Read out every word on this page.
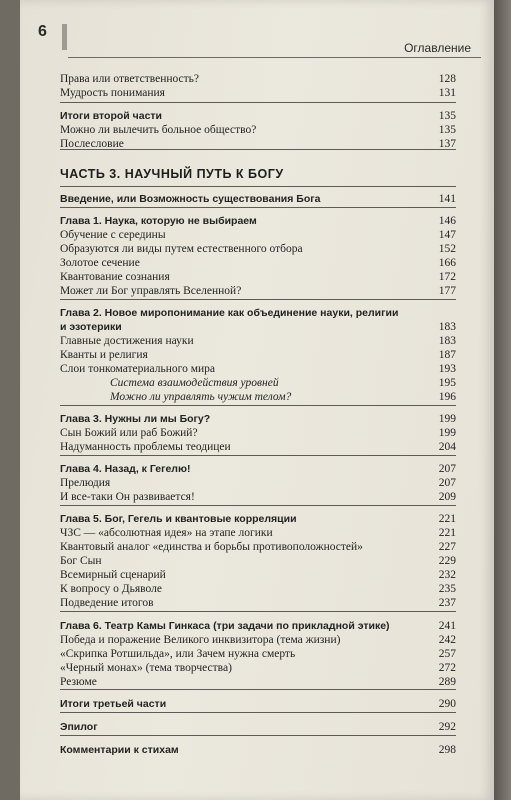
6
Оглавление
Права или ответственность?	128
Мудрость понимания	131
Итоги второй части	135
Можно ли вылечить больное общество?	135
Послесловие	137
ЧАСТЬ 3. НАУЧНЫЙ ПУТЬ К БОГУ
Введение, или Возможность существования Бога	141
Глава 1. Наука, которую не выбираем	146
Обучение с середины	147
Образуются ли виды путем естественного отбора	152
Золотое сечение	166
Квантование сознания	172
Может ли Бог управлять Вселенной?	177
Глава 2. Новое миропонимание как объединение науки, религии
и эзотерики	183
Главные достижения науки	183
Кванты и религия	187
Слои тонкоматериального мира	193
Система взаимодействия уровней	195
Можно ли управлять чужим телом?	196
Глава 3. Нужны ли мы Богу?	199
Сын Божий или раб Божий?	199
Надуманность проблемы теодицеи	204
Глава 4. Назад, к Гегелю!	207
Прелюдия	207
И все-таки Он развивается!	209
Глава 5. Бог, Гегель и квантовые корреляции	221
ЧЗС — «абсолютная идея» на этапе логики	221
Квантовый аналог «единства и борьбы противоположностей»	227
Бог Сын	229
Всемирный сценарий	232
К вопросу о Дьяволе	235
Подведение итогов	237
Глава 6. Театр Камы Гинкаса (три задачи по прикладной этике)	241
Победа и поражение Великого инквизитора (тема жизни)	242
«Скрипка Ротшильда», или Зачем нужна смерть	257
«Черный монах» (тема творчества)	272
Резюме	289
Итоги третьей части	290
Эпилог	292
Комментарии к стихам	298
